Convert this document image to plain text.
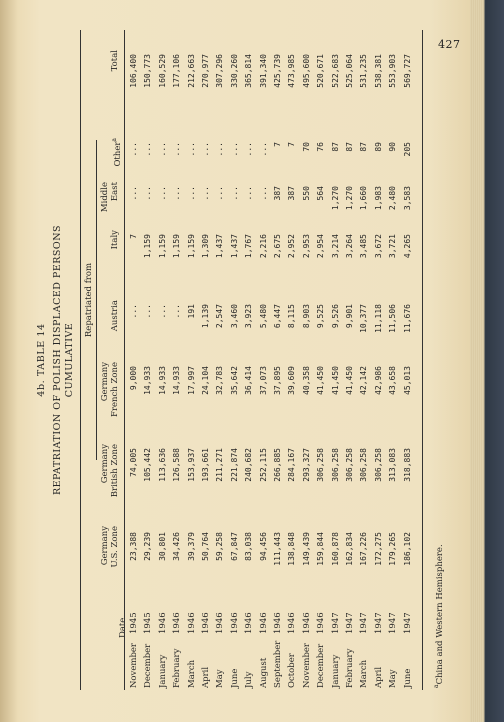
427
4b. TABLE 14 REPATRIATION OF POLISH DISPLACED PERSONS CUMULATIVE
Repatriated from
Date
Germany U.S. Zone
Germany British Zone
Germany French Zone
Austria
Italy
Middle East
Other$^a$
Total
November
1945
23,388
74,005
9,000
...
7
...
...
106,400
December
1945
29,239
105,442
14,933
...
1,159
...
...
150,773
January
1946
30,801
113,636
14,933
...
1,159
...
...
160,529
February
1946
34,426
126,588
14,933
...
1,159
...
...
177,106
March
1946
39,379
153,937
17,997
191
1,159
...
...
212,663
April
1946
50,764
193,661
24,104
1,139
1,309
...
...
270,977
May
1946
59,258
211,271
32,783
2,547
1,437
...
...
307,296
June
1946
67,847
221,874
35,642
3,460
1,437
...
...
330,260
July
1946
83,038
240,682
36,414
3,923
1,767
...
...
365,814
August
1946
94,456
252,115
37,073
5,480
2,216
...
...
391,340
September
1946
111,443
266,885
37,895
6,447
2,675
387
7
425,739
October
1946
138,848
284,167
39,609
8,115
2,952
387
7
473,985
November
1946
149,439
293,327
40,358
8,903
2,953
550
70
495,600
December
1946
159,844
306,258
41,450
9,525
2,954
564
76
520,671
January
1947
160,878
306,258
41,450
9,526
3,214
1,270
87
522,683
February
1947
162,834
306,258
41,450
9,901
3,264
1,270
87
525,064
March
1947
167,226
306,258
42,142
10,377
3,485
1,660
87
531,235
April
1947
172,275
306,258
42,986
11,118
3,672
1,983
89
538,381
May
1947
179,265
313,083
43,658
11,506
3,721
2,480
90
553,903
June
1947
186,102
318,883
45,013
11,676
4,265
3,583
205
569,727
$^a$China and Western Hemisphere.
